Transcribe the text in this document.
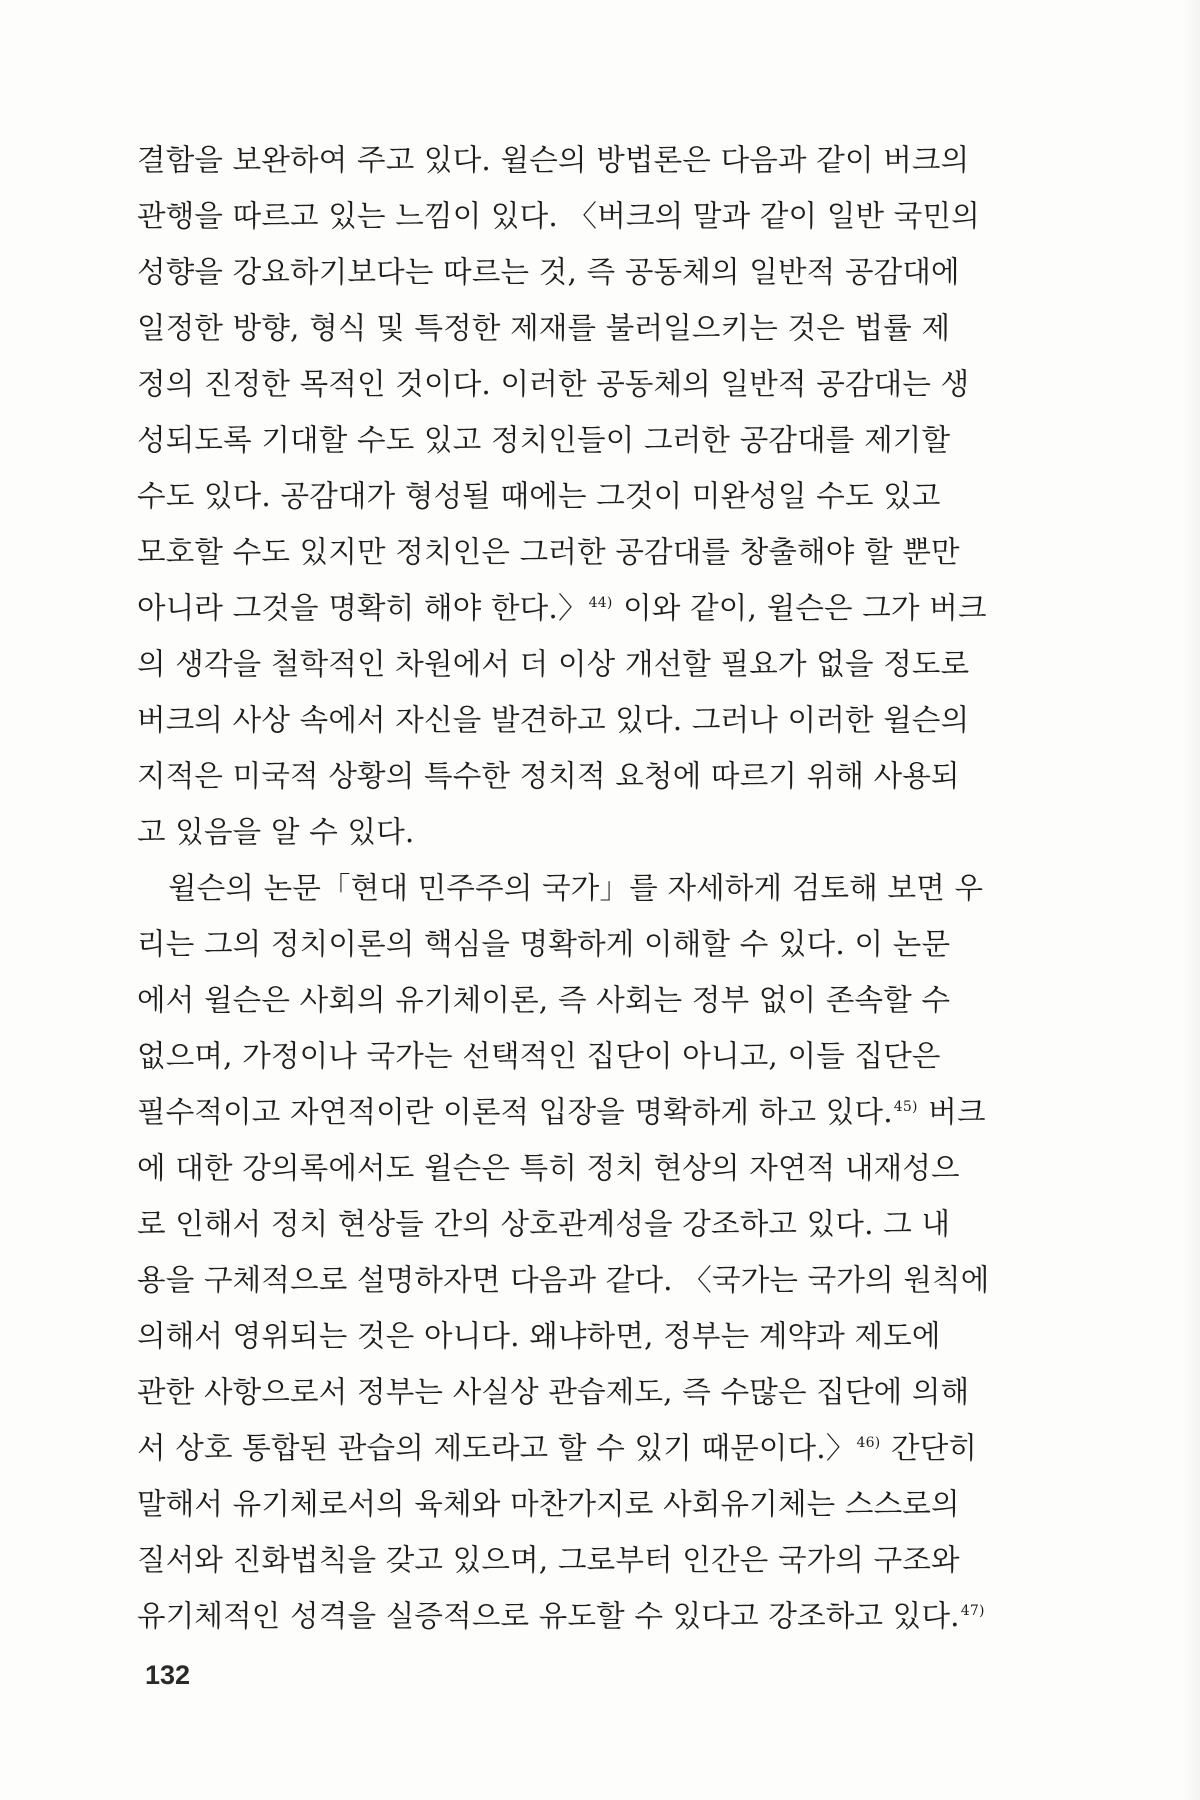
결함을 보완하여 주고 있다. 윌슨의 방법론은 다음과 같이 버크의
관행을 따르고 있는 느낌이 있다. 〈버크의 말과 같이 일반 국민의
성향을 강요하기보다는 따르는 것, 즉 공동체의 일반적 공감대에
일정한 방향, 형식 및 특정한 제재를 불러일으키는 것은 법률 제
정의 진정한 목적인 것이다. 이러한 공동체의 일반적 공감대는 생
성되도록 기대할 수도 있고 정치인들이 그러한 공감대를 제기할
수도 있다. 공감대가 형성될 때에는 그것이 미완성일 수도 있고
모호할 수도 있지만 정치인은 그러한 공감대를 창출해야 할 뿐만
아니라 그것을 명확히 해야 한다.〉$^{44)}$ 이와 같이, 윌슨은 그가 버크
의 생각을 철학적인 차원에서 더 이상 개선할 필요가 없을 정도로
버크의 사상 속에서 자신을 발견하고 있다. 그러나 이러한 윌슨의
지적은 미국적 상황의 특수한 정치적 요청에 따르기 위해 사용되
고 있음을 알 수 있다.
윌슨의 논문「현대 민주주의 국가」를 자세하게 검토해 보면 우
리는 그의 정치이론의 핵심을 명확하게 이해할 수 있다. 이 논문
에서 윌슨은 사회의 유기체이론, 즉 사회는 정부 없이 존속할 수
없으며, 가정이나 국가는 선택적인 집단이 아니고, 이들 집단은
필수적이고 자연적이란 이론적 입장을 명확하게 하고 있다.$^{45)}$ 버크
에 대한 강의록에서도 윌슨은 특히 정치 현상의 자연적 내재성으
로 인해서 정치 현상들 간의 상호관계성을 강조하고 있다. 그 내
용을 구체적으로 설명하자면 다음과 같다. 〈국가는 국가의 원칙에
의해서 영위되는 것은 아니다. 왜냐하면, 정부는 계약과 제도에
관한 사항으로서 정부는 사실상 관습제도, 즉 수많은 집단에 의해
서 상호 통합된 관습의 제도라고 할 수 있기 때문이다.〉$^{46)}$ 간단히
말해서 유기체로서의 육체와 마찬가지로 사회유기체는 스스로의
질서와 진화법칙을 갖고 있으며, 그로부터 인간은 국가의 구조와
유기체적인 성격을 실증적으로 유도할 수 있다고 강조하고 있다.$^{47)}$
132
